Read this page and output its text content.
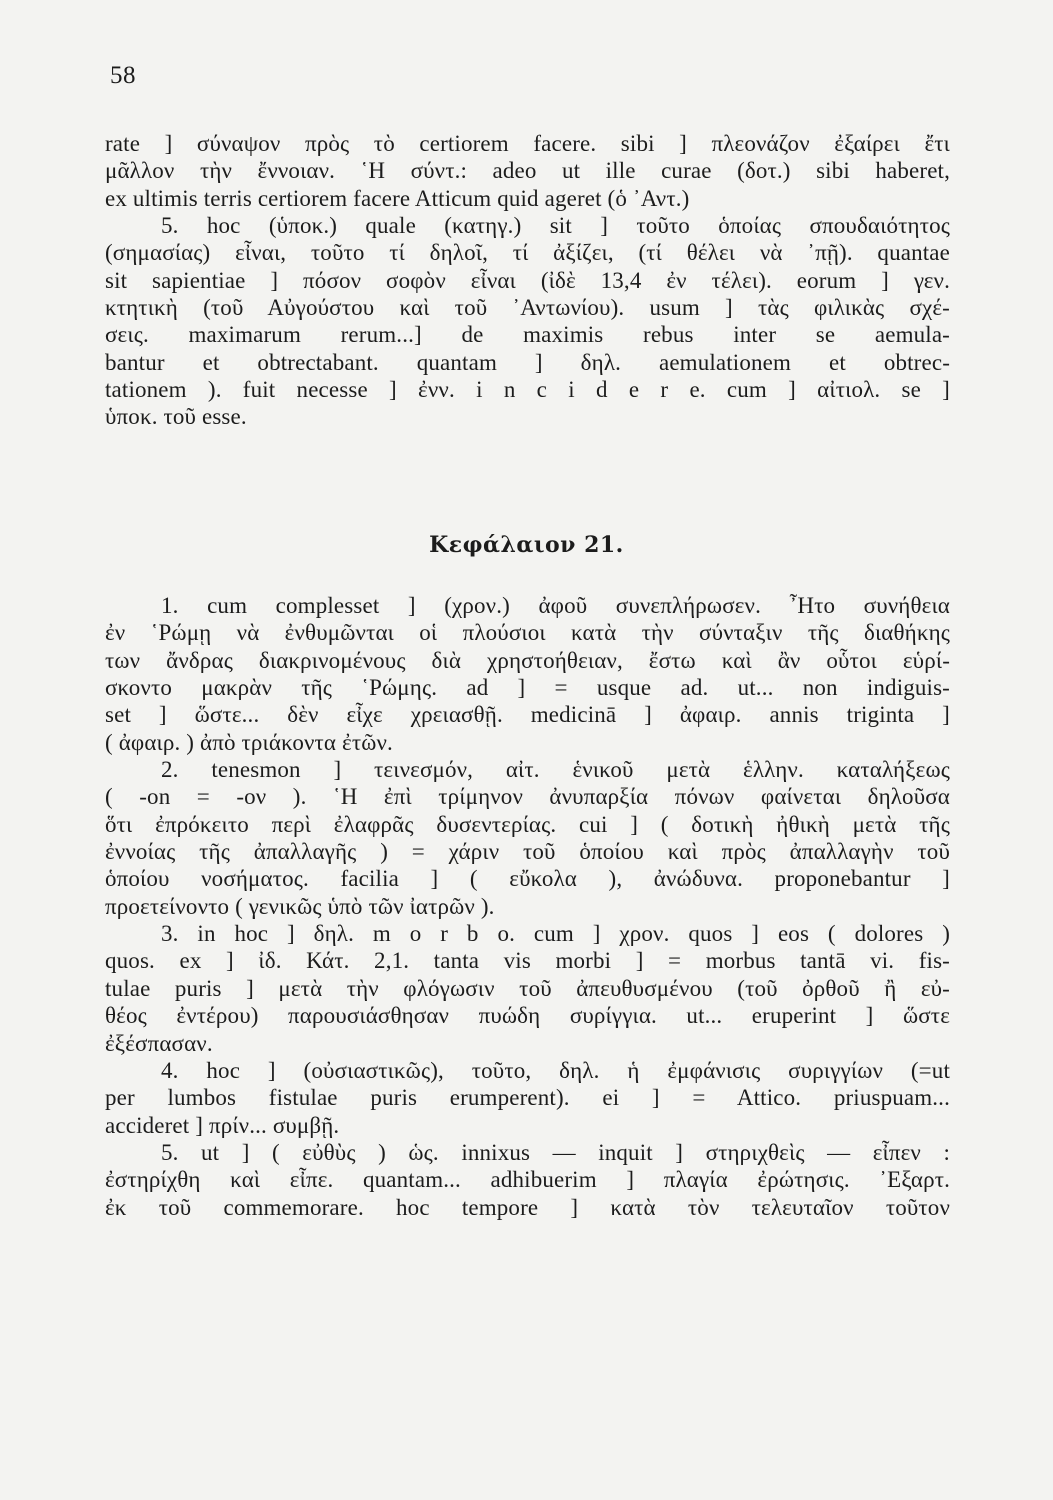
58

rate ] σύναψον πρὸς τὸ certiorem facere. sibi ] πλεονάζον ἐξαίρει ἔτι

μᾶλλον τὴν ἔννοιαν. ῾Η σύντ.: adeo ut ille curae (δοτ.) sibi haberet,

ex ultimis terris certiorem facere Atticum quid ageret (ὁ ᾿Αντ.)

5. hoc (ὑποκ.) quale (κατηγ.) sit ] τοῦτο ὁποίας σπουδαιότητος

(σημασίας) εἶναι, τοῦτο τί δηλοῖ, τί ἀξίζει, (τί θέλει νὰ ᾽πῇ). quantae

sit sapientiae ] πόσον σοφὸν εἶναι (ἰδὲ 13,4 ἐν τέλει). eorum ] γεν.

κτητικὴ (τοῦ Αὐγούστου καὶ τοῦ ᾿Αντωνίου). usum ] τὰς φιλικὰς σχέ-

σεις. maximarum rerum...] de maximis rebus inter se aemula-

bantur et obtrectabant. quantam ] δηλ. aemulationem et obtrec-

tationem ). fuit necesse ] ἐνν. i n c i d e r e. cum ] αἰτιολ. se ]

ὑποκ. τοῦ esse.

Κεφάλαιον 21.

1. cum complesset ] (χρον.) ἀφοῦ συνεπλήρωσεν. ῏Ητο συνήθεια

ἐν ῾Ρώμῃ νὰ ἐνθυμῶνται οἱ πλούσιοι κατὰ τὴν σύνταξιν τῆς διαθήκης

των ἄνδρας διακρινομένους διὰ χρηστοήθειαν, ἔστω καὶ ἂν οὗτοι εὑρί-

σκοντο μακρὰν τῆς ῾Ρώμης. ad ] = usque ad. ut... non indiguis-

set ] ὥστε... δὲν εἶχε χρειασθῇ. medicinā ] ἀφαιρ. annis triginta ]

( ἀφαιρ. ) ἀπὸ τριάκοντα ἐτῶν.

2. tenesmon ] τεινεσμόν, αἰτ. ἑνικοῦ μετὰ ἑλλην. καταλήξεως

( -on = -ον ). ῾Η ἐπὶ τρίμηνον ἀνυπαρξία πόνων φαίνεται δηλοῦσα

ὅτι ἐπρόκειτο περὶ ἐλαφρᾶς δυσεντερίας. cui ] ( δοτικὴ ἠθικὴ μετὰ τῆς

ἐννοίας τῆς ἀπαλλαγῆς ) = χάριν τοῦ ὁποίου καὶ πρὸς ἀπαλλαγὴν τοῦ

ὁποίου νοσήματος. facilia ] ( εὔκολα ), ἀνώδυνα. proponebantur ]

προετείνοντο ( γενικῶς ὑπὸ τῶν ἰατρῶν ).

3. in hoc ] δηλ. m o r b o. cum ] χρον. quos ] eos ( dolores )

quos. ex ] ἰδ. Κάτ. 2,1. tanta vis morbi ] = morbus tantā vi. fis-

tulae puris ] μετὰ τὴν φλόγωσιν τοῦ ἀπευθυσμένου (τοῦ ὀρθοῦ ἢ εὐ-

θέος ἐντέρου) παρουσιάσθησαν πυώδη συρίγγια. ut... eruperint ] ὥστε

ἐξέσπασαν.

4. hoc ] (οὐσιαστικῶς), τοῦτο, δηλ. ἡ ἐμφάνισις συριγγίων (=ut

per lumbos fistulae puris erumperent). ei ] = Attico. priuspuam...

accideret ] πρίν... συμβῇ.

5. ut ] ( εὐθὺς ) ὡς. innixus — inquit ] στηριχθεὶς — εἶπεν :

ἐστηρίχθη καὶ εἶπε. quantam... adhibuerim ] πλαγία ἐρώτησις. ᾿Εξαρτ.

ἐκ τοῦ commemorare. hoc tempore ] κατὰ τὸν τελευταῖον τοῦτον
